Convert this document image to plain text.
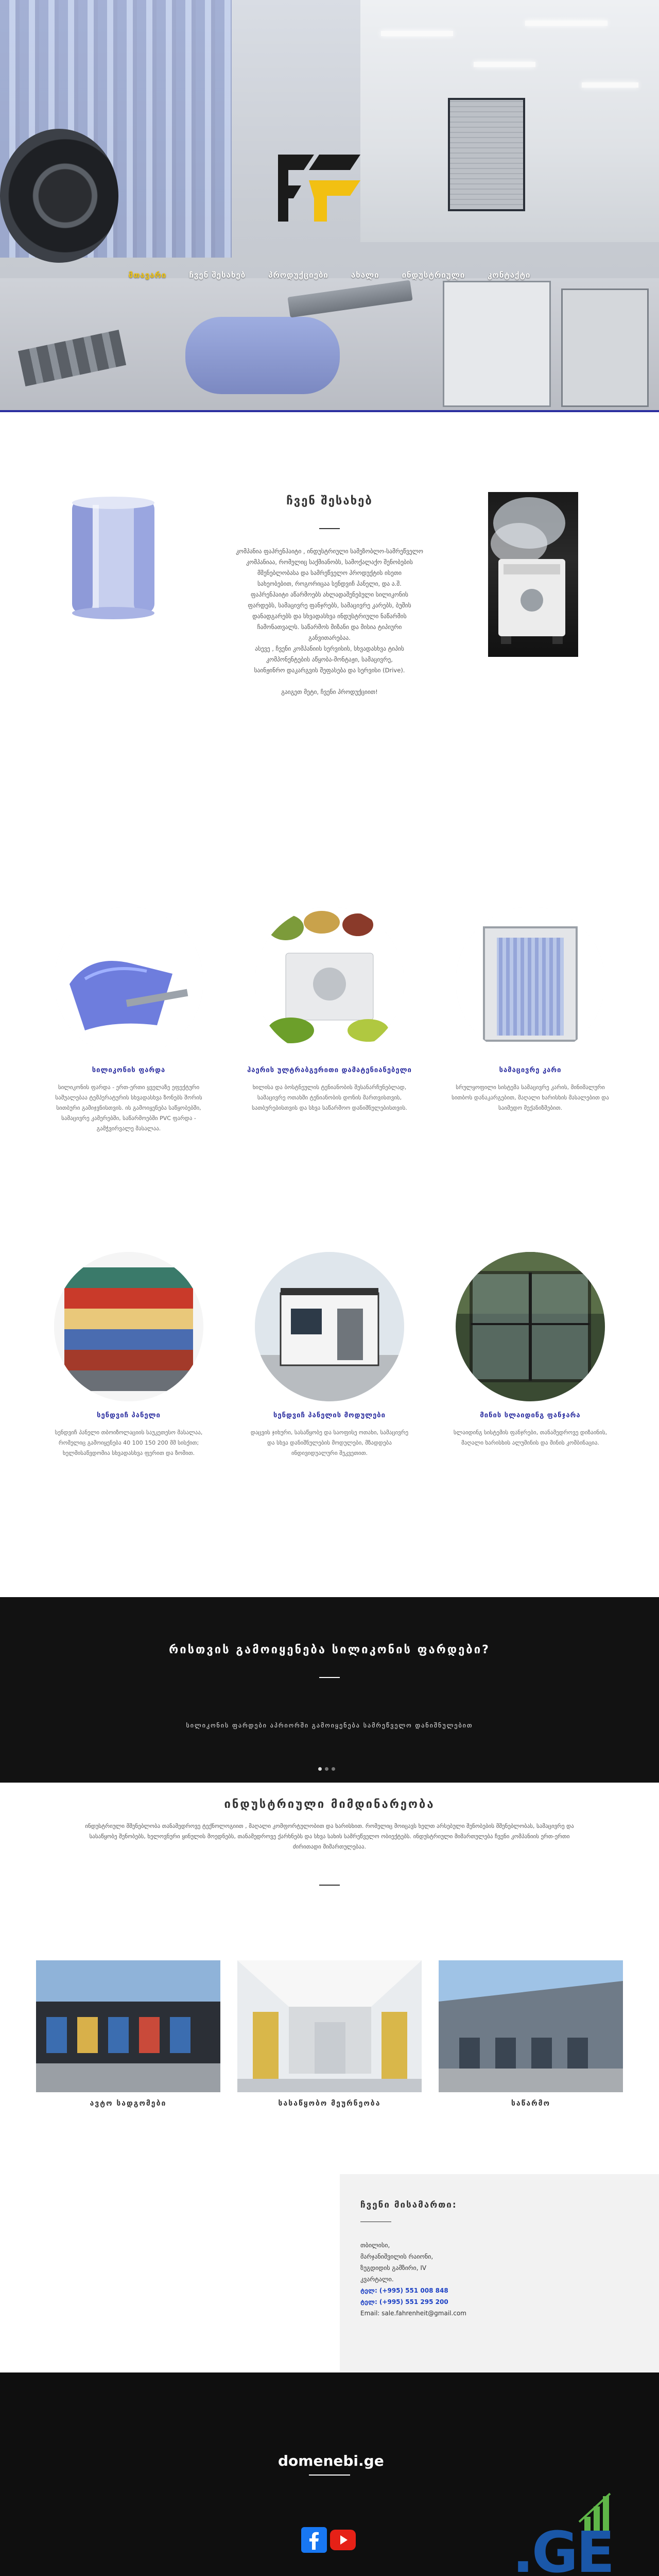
მთავარი	ჩვენ შესახებ	პროდუქციები	ახალი	ინდუსტრიული	კონტაქტი
ჩვენ შესახებ
კომპანია ფაჰრენჰაიტი , ინდუსტრიული სამეზობლო-სამრეწველო
კომპანიაა, რომელიც საქმიანობს, სამოქალაქო შენობების
მშენებლობასა და სამრეწველო პროდუქტის ისეთი
სახეობებით, როგორიცაა სენდვიჩ პანელი, და ა.შ.
ფაჰრენჰაიტი აწარმოებს ახლადაშენებული სილიკონის
ფარდებს, სამაცივრე ფანჯრებს, სამაცივრე კარებს, ბუშის
დანადგარებს და სხვადასხვა ინდუსტრიული ნაწარმის
ჩამონათვალს. საწარმოს მიზანი და მისია ტიპიური
განვითარებაა.
ასევე , ჩვენი კომპანიის სერვისის, სხვადასხვა ტიპის
კომპონენტების აწყობა-მონტაჟი, სამაცივრე,
საინჟინრო დაკარგვის შეფასება და სერვისი (Drive).

გაიგეთ მეტი, ჩვენი პროდუქციით!
სილიკონის ფარდა
სილიკონის ფარდა - ერთ-ერთი ყველაზე ეფექტური საშუალებაა ტემპერატურის სხვადასხვა ზონებს შორის სითბური გამიჯვნისთვის. ის გამოიყენება საწყობებში, სამაცივრე კამერებში, საწარმოებში PVC ფარდა - გამჭვირვალე მასალაა.
ჰაერის ულტრაბგერითი დამატენიანებელი
ხილისა და ბოსტნეულის ტენიანობის შესანარჩუნებლად, სამაცივრე ოთახში ტენიანობის დონის მართვისთვის, სათბურებისთვის და სხვა საწარმოო დანიშნულებისთვის.
სამაცივრე კარი
სრულყოფილი სისტემა სამაცივრე კარის, მინიმალური სითბოს დანაკარგებით, მაღალი ხარისხის მასალებით და საიმედო მექანიზმებით.
სენდვიჩ პანელი
სენდვიჩ პანელი თბოიზოლაციის საუკეთესო მასალაა, რომელიც გამოიყენება 40 100 150 200 მმ სისქით; ხელმისაწვდომია სხვადასხვა ფერით და ზომით.
სენდვიჩ პანელის მოდულები
დაცვის ჯიხური, სასაწყობე და საოფისე ოთახი, სამაცივრე და სხვა დანიშნულების მოდულები, მზადდება ინდივიდუალური შეკვეთით.
მინის სლაიდინგ ფანჯარა
სლაიდინგ სისტემის ფანჯრები, თანამედროვე დიზაინის, მაღალი ხარისხის ალუმინის და მინის კომბინაცია.
რისთვის გამოიყენება სილიკონის ფარდები?
სილიკონის ფარდები აპრიორში გამოიყენება სამრეწველო დანიშნულებით
ინდუსტრიული მიმდინარეობა
ინდუსტრიული მშენებლობა თანამედროვე ტექნოლოგიით , მაღალი კომფორტულობით და ხარისხით. რომელიც მოიცავს ხელთ არსებული შენობების მშენებლობას, სამაცივრე და სასაწყობე შენობებს, ხელოვნური ყინულის მოედნებს, თანამედროვე ქარხნებს და სხვა სახის სამრეწველო ობიექტებს. ინდუსტრიული მიმართულება ჩვენი კომპანიის ერთ-ერთი ძირითადი მიმართულებაა.
ავტო სადგომები	სასაწყობო მეურნეობა	საწარმო
ჩვენი მისამართი:
თბილისი,
მარჯანიშვილის რაიონი,
ზუგდიდის გამზირი, IV
კვარტალი.
ტელ: (+995) 551 008 848
ტელ: (+995) 551 295 200
Email: sale.fahrenheit@gmail.com
domenebi.ge
.GE
